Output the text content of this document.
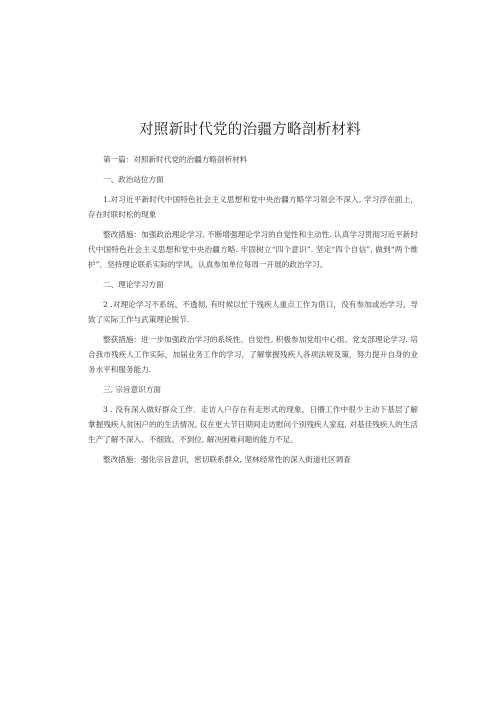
对照新时代党的治疆方略剖析材料

第一篇：对照新时代党的治疆方略剖析材料

一、政治站位方面

1.对习近平新时代中国特色社会主义思想和党中央治疆方略学习领会不深入, 学习浮在面上，存在时联时松的现象

整改措施：加强政治理论学习, 不断增强理论学习的自觉性和主动性. 认真学习贯彻习近平新时代中国特色社会主义思想和党中央治疆方略. 牢固树立“四个意识”. 坚定“四个自信”, 做到“两个维护”．坚持理论联系实际的学风，认真参加单位每周一开展的政治学习。

二、理论学习方面

2 .对理论学习不系统、不透彻, 有时候以忙于残疾人重点工作为借口，没有参加或治学习，导致了实际工作与武策理论脱节.

整获措施：进一步加强政治学习的系统性、自觉性, 积极参加党组中心组、党支部理论学习. 培合我市残疾人工作实际，加届业务工作的学习，了解掌握残疾人各项法规及策，努力提升自身的业务水平和服务能力.

三, 宗旨意识方面

3 . 没有深入做好群众工作．走访入户存在有走形式的现象，日懵工作中很少主动下基层了解掌握残疾人贫困户的的生活情况, 仅在更大节日期间走访慰问个别残疾人家庭, 对基佳残疾人的生活生产了解不深入、不细致、不到位, 解决困难问题的能力不足。

整改措施：强化宗旨意识，密切联系群众, 坚林经常性的深入街道社区调查
